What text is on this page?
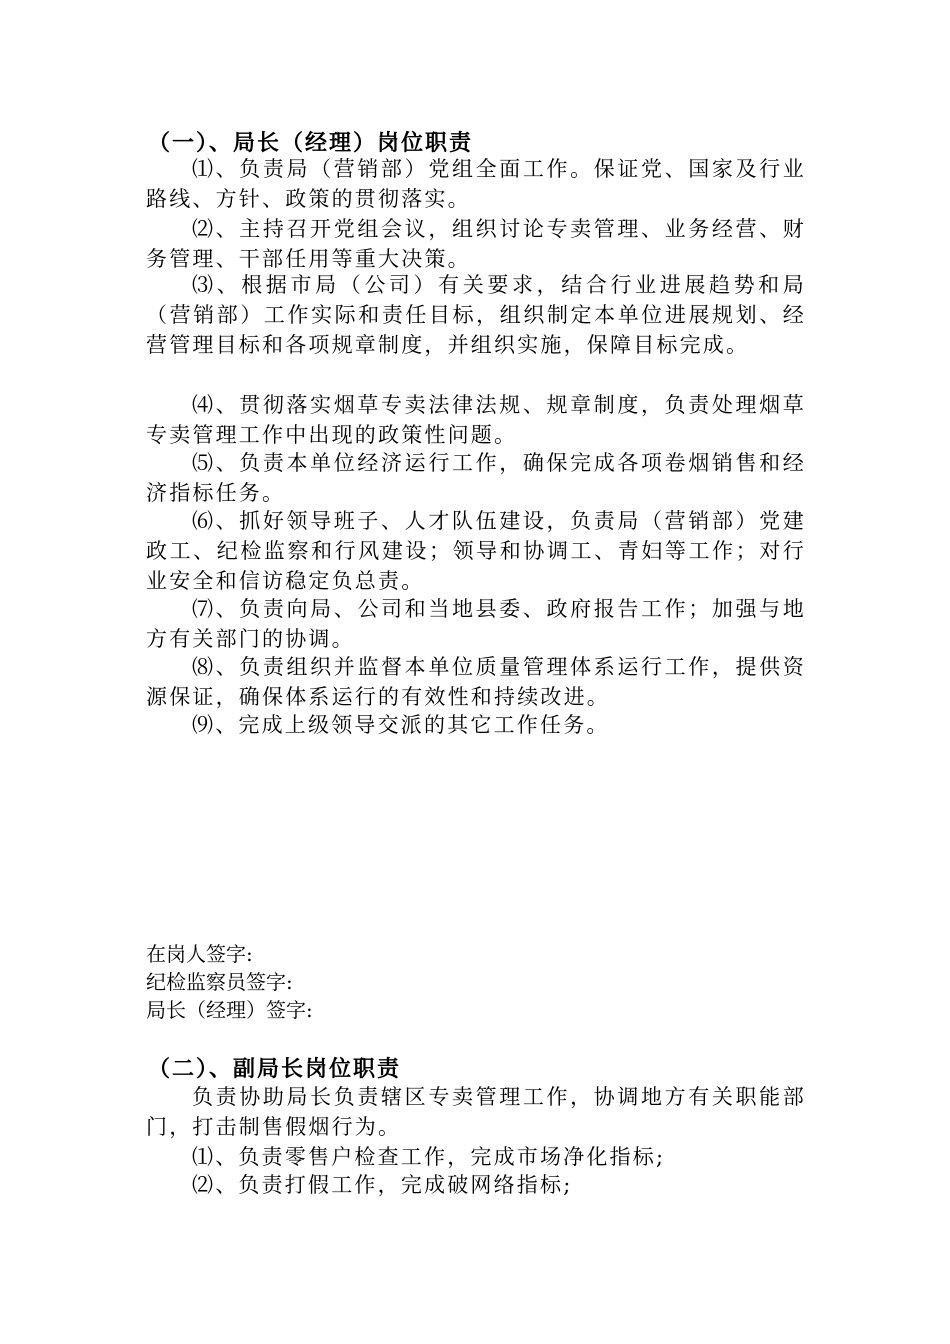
（一）、局长（经理）岗位职责

⑴、负责局（营销部）党组全面工作。保证党、国家及行业路线、方针、政策的贯彻落实。

⑵、主持召开党组会议，组织讨论专卖管理、业务经营、财务管理、干部任用等重大决策。

⑶、根据市局（公司）有关要求，结合行业进展趋势和局（营销部）工作实际和责任目标，组织制定本单位进展规划、经营管理目标和各项规章制度，并组织实施，保障目标完成。

⑷、贯彻落实烟草专卖法律法规、规章制度，负责处理烟草专卖管理工作中出现的政策性问题。

⑸、负责本单位经济运行工作，确保完成各项卷烟销售和经济指标任务。

⑹、抓好领导班子、人才队伍建设，负责局（营销部）党建政工、纪检监察和行风建设；领导和协调工、青妇等工作；对行业安全和信访稳定负总责。

⑺、负责向局、公司和当地县委、政府报告工作；加强与地方有关部门的协调。

⑻、负责组织并监督本单位质量管理体系运行工作，提供资源保证，确保体系运行的有效性和持续改进。

⑼、完成上级领导交派的其它工作任务。

在岗人签字:
纪检监察员签字:
局长（经理）签字:
（二）、副局长岗位职责

负责协助局长负责辖区专卖管理工作，协调地方有关职能部门，打击制售假烟行为。

⑴、负责零售户检查工作，完成市场净化指标;

⑵、负责打假工作，完成破网络指标;
